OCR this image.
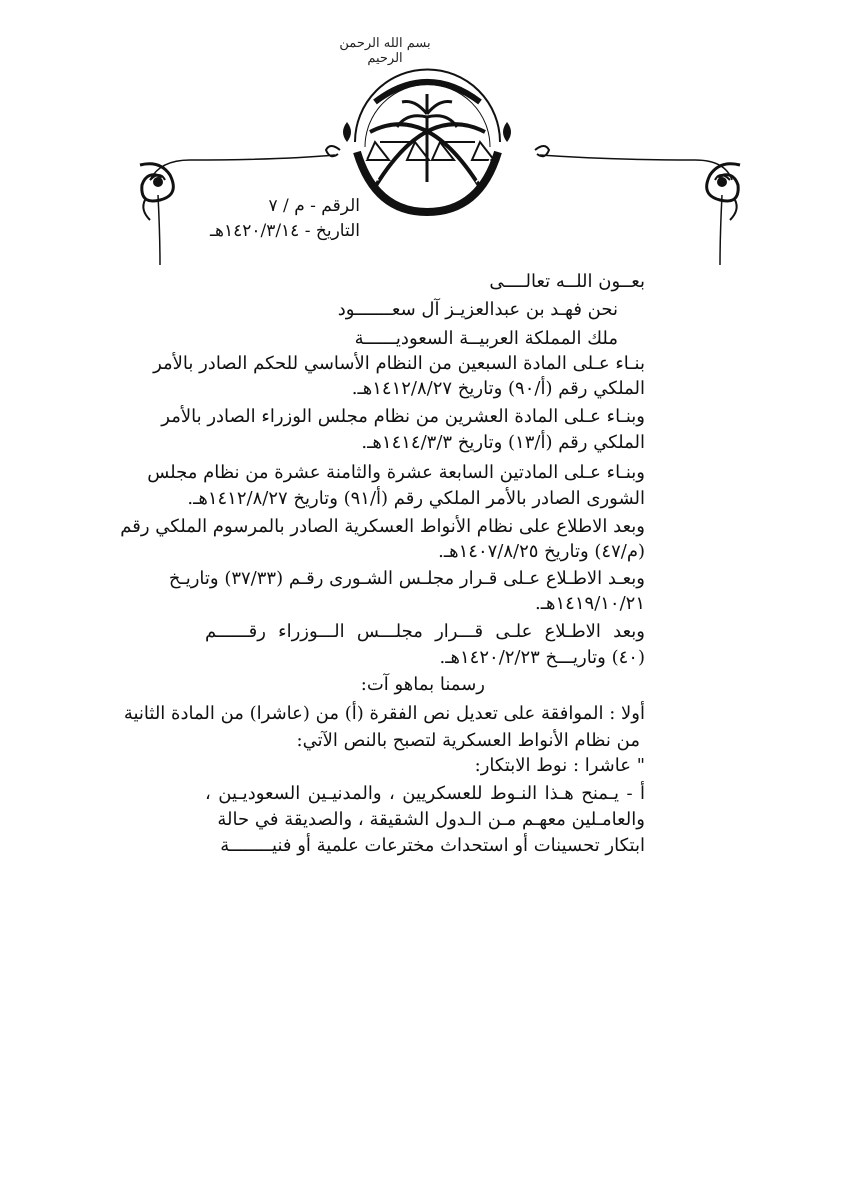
بسم الله الرحمن الرحيم
الرقم - م / ٧
التاريخ - ١٤٢٠/٣/١٤هـ
بعــون اللــه تعالــــى
نحن فهـد بن عبدالعزيـز آل سعـــــــود
ملك المملكة العربيــة السعوديــــــة
بنـاء عـلى المادة السبعين من النظام الأساسي للحكم الصادر بالأمر
الملكي رقم (أ/٩٠) وتاريخ ١٤١٢/٨/٢٧هـ.
وبنـاء عـلى المادة العشرين من نظام مجلس الوزراء الصادر بالأمر
الملكي رقم (أ/١٣) وتاريخ ١٤١٤/٣/٣هـ.
وبنـاء عـلى المادتين السابعة عشرة والثامنة عشرة من نظام مجلس
الشورى الصادر بالأمر الملكي رقم (أ/٩١) وتاريخ ١٤١٢/٨/٢٧هـ.
وبعد الاطلاع على نظام الأنواط العسكرية الصادر بالمرسوم الملكي رقم
(م/٤٧) وتاريخ ١٤٠٧/٨/٢٥هـ.
وبعـد الاطـلاع عـلى قـرار مجلـس الشـورى رقـم (٣٧/٣٣) وتاريـخ
١٤١٩/١٠/٢١هـ.
وبعد الاطـلاع علـى قـــرار مجلـــس الـــوزراء رقــــــم
(٤٠) وتاريـــخ ١٤٢٠/٢/٢٣هـ.
رسمنا بماهو آت:
أولا : الموافقة على تعديل نص الفقرة (أ) من (عاشرا) من المادة الثانية
من نظام الأنواط العسكرية لتصبح بالنص الآتي:
" عاشرا : نوط الابتكار:
أ - يـمنح هـذا النـوط للعسكريين ، والمدنيـين السعوديـين ،
والعامـلين معهـم مـن الـدول الشقيقة ، والصديقة في حالة
ابتكار تحسينات أو استحداث مخترعات علمية أو فنيــــــــة
